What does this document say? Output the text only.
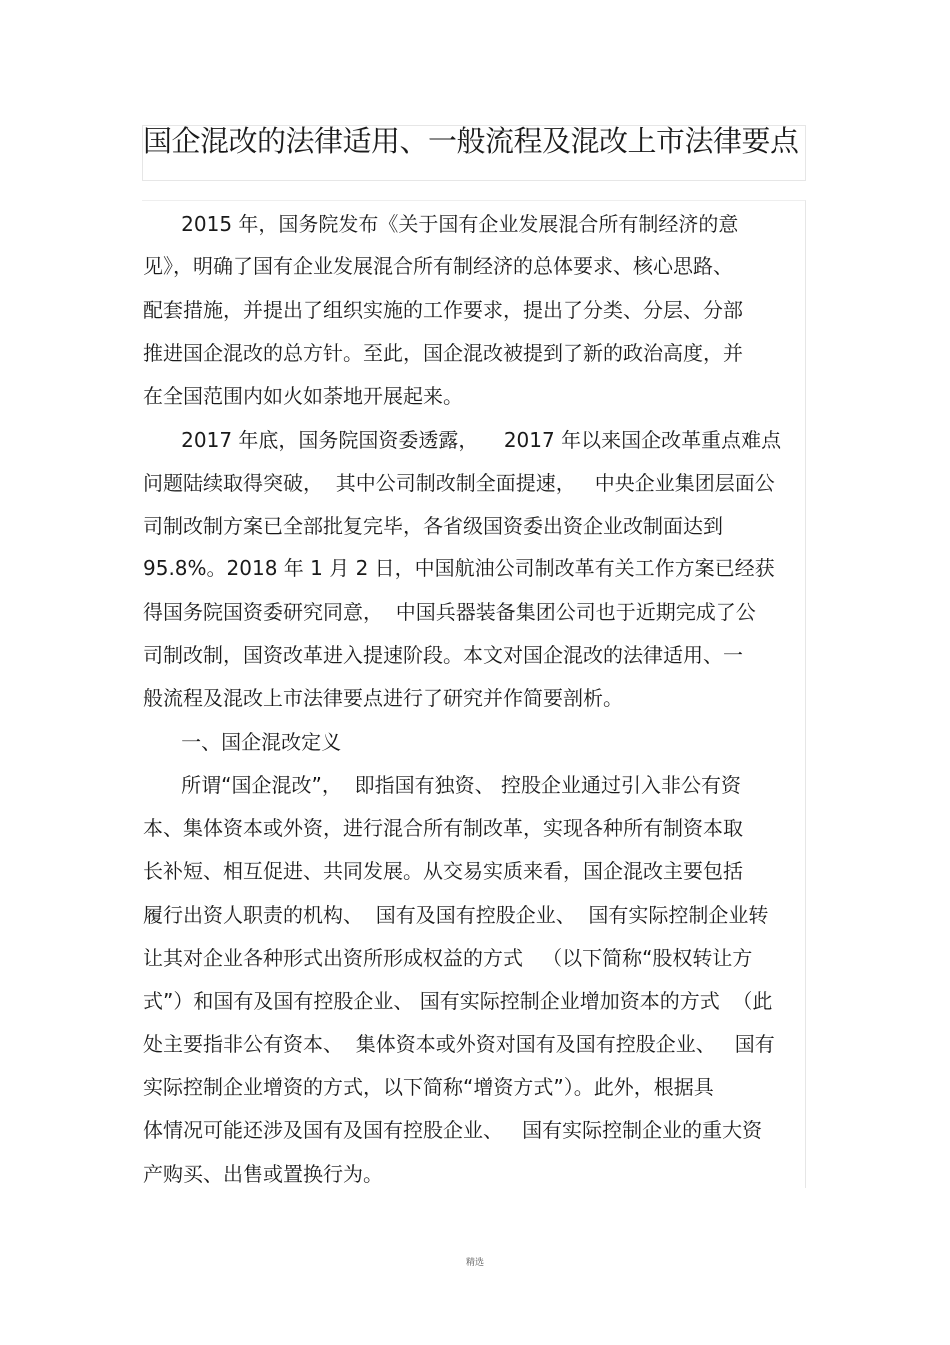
国企混改的法律适用、一般流程及混改上市法律要点
2015 年，国务院发布《关于国有企业发展混合所有制经济的意
见》，明确了国有企业发展混合所有制经济的总体要求、核心思路、
配套措施，并提出了组织实施的工作要求，提出了分类、分层、分部
推进国企混改的总方针。至此，国企混改被提到了新的政治高度，并
在全国范围内如火如荼地开展起来。
2017 年底，国务院国资委透露，    2017 年以来国企改革重点难点
问题陆续取得突破，  其中公司制改制全面提速，   中央企业集团层面公
司制改制方案已全部批复完毕，各省级国资委出资企业改制面达到
95.8%。2018 年 1 月 2 日，中国航油公司制改革有关工作方案已经获
得国务院国资委研究同意，  中国兵器装备集团公司也于近期完成了公
司制改制，国资改革进入提速阶段。本文对国企混改的法律适用、一
般流程及混改上市法律要点进行了研究并作简要剖析。
一、国企混改定义
所谓“国企混改”，  即指国有独资、 控股企业通过引入非公有资
本、集体资本或外资，进行混合所有制改革，实现各种所有制资本取
长补短、相互促进、共同发展。从交易实质来看，国企混改主要包括
履行出资人职责的机构、  国有及国有控股企业、  国有实际控制企业转
让其对企业各种形式出资所形成权益的方式   （以下简称“股权转让方
式”）和国有及国有控股企业、 国有实际控制企业增加资本的方式  （此
处主要指非公有资本、  集体资本或外资对国有及国有控股企业、   国有
实际控制企业增资的方式，以下简称“增资方式”）。此外，根据具
体情况可能还涉及国有及国有控股企业、   国有实际控制企业的重大资
产购买、出售或置换行为。
精选
